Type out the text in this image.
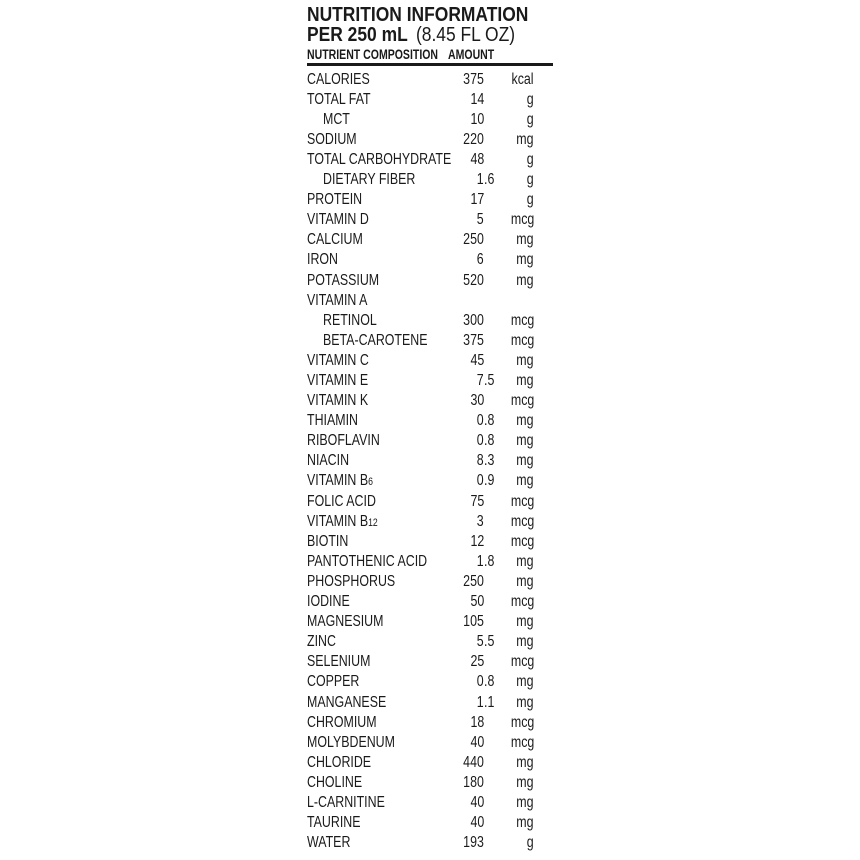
NUTRITION INFORMATION
PER 250 mL (8.45 FL OZ)
NUTRIENT COMPOSITION AMOUNT
CALORIES	375 kcal
TOTAL FAT	14	g
MCT	10	g
SODIUM	220 mg
TOTAL CARBOHYDRATE 48	g
DIETARY FIBER	1 .6 g
PROTEIN	17	g
VITAMIN D	5 mcg
CALCIUM	250 mg
IRON	6 mg
POTASSIUM	520 mg
VITAMIN A
RETINOL	300 mcg
BETA-CAROTENE 375 mcg
VITAMIN C	45 mg
VITAMIN E	7 .5 mg
VITAMIN K	30 mcg
THIAMIN	0 .8 mg
RIBOFLAVIN	0 .8 mg
NIACIN	8 .3 mg
VITAMIN B6	0 .9 mg
FOLIC ACID	75 mcg
VITAMIN B12	3 mcg
BIOTIN	12 mcg
PANTOTHENIC ACID	1 .8 mg
PHOSPHORUS	250 mg
IODINE	50 mcg
MAGNESIUM	105 mg
ZINC	5 .5 mg
SELENIUM	25 mcg
COPPER	0 .8 mg
MANGANESE	1 .1 mg
CHROMIUM	18 mcg
MOLYBDENUM	40 mcg
CHLORIDE	440 mg
CHOLINE	180 mg
L-CARNITINE	40 mg
TAURINE	40 mg
WATER	193	g
